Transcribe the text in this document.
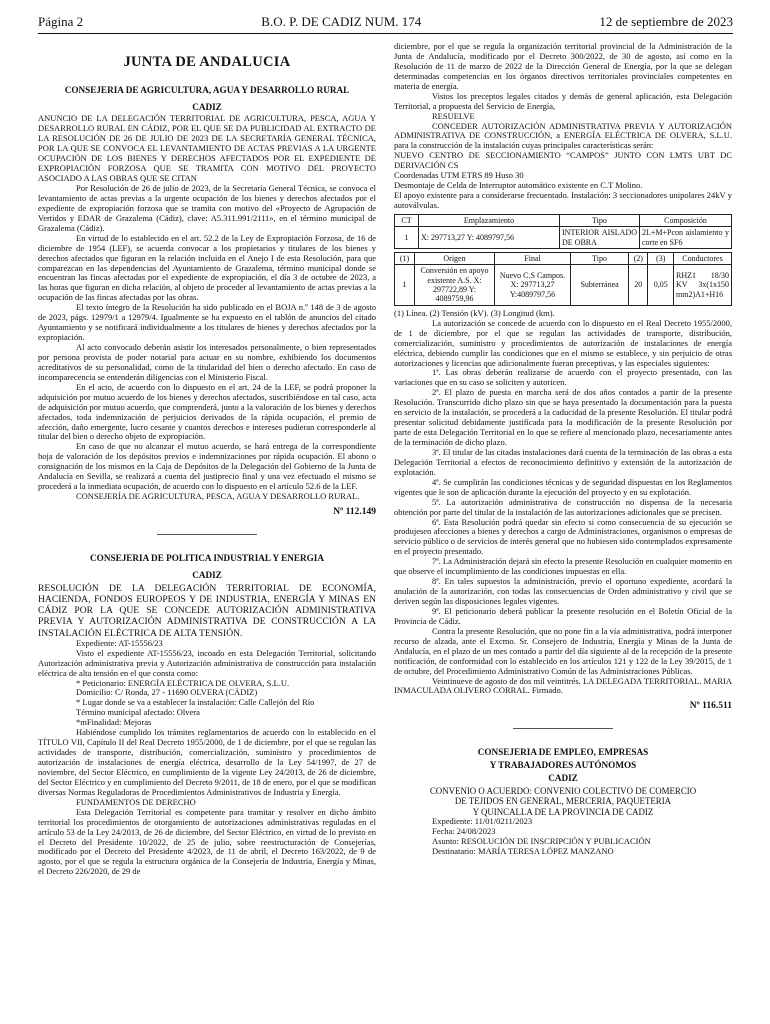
Página 2	B.O. P. DE CADIZ NUM. 174	12 de septiembre de 2023
JUNTA DE ANDALUCIA
CONSEJERIA DE AGRICULTURA, AGUA Y DESARROLLO RURAL
CADIZ

ANUNCIO DE LA DELEGACIÓN TERRITORIAL DE AGRICULTURA, PESCA, AGUA Y DESARROLLO RURAL EN CÁDIZ, POR EL QUE SE DA PUBLICIDAD AL EXTRACTO DE LA RESOLUCIÓN DE 26 DE JULIO DE 2023 DE LA SECRETARÍA GENERAL TÉCNICA, POR LA QUE SE CONVOCA EL LEVANTAMIENTO DE ACTAS PREVIAS A LA URGENTE OCUPACIÓN DE LOS BIENES Y DERECHOS AFECTADOS POR EL EXPEDIENTE DE EXPROPIACIÓN FORZOSA QUE SE TRAMITA CON MOTIVO DEL PROYECTO ASOCIADO A LAS OBRAS QUE SE CITAN

Por Resolución de 26 de julio de 2023, de la Secretaría General Técnica, se convoca el levantamiento de actas previas a la urgente ocupación de los bienes y derechos afectados por el expediente de expropiación forzosa que se tramita con motivo del «Proyecto de Agrupación de Vertidos y EDAR de Grazalema (Cádiz), clave: A5.311.991/2111», en el término municipal de Grazalema (Cádiz).

En virtud de lo establecido en el art. 52.2 de la Ley de Expropiación Forzosa, de 16 de diciembre de 1954 (LEF), se acuerda convocar a los propietarios y titulares de los bienes y derechos afectados que figuran en la relación incluida en el Anejo I de esta Resolución, para que comparezcan en las dependencias del Ayuntamiento de Grazalema, término municipal donde se encuentran las fincas afectadas por el expediente de expropiación, el día 3 de octubre de 2023, a las horas que figuran en dicha relación, al objeto de proceder al levantamiento de actas previas a la ocupación de las fincas afectadas por las obras.

El texto íntegro de la Resolución ha sido publicado en el BOJA n.º 148 de 3 de agosto de 2023, págs. 12979/1 a 12979/4. Igualmente se ha expuesto en el tablón de anuncios del citado Ayuntamiento y se notificará individualmente a los titulares de bienes y derechos afectados por la expropiación.

Al acto convocado deberán asistir los interesados personalmente, o bien representados por persona provista de poder notarial para actuar en su nombre, exhibiendo los documentos acreditativos de su personalidad, como de la titularidad del bien o derecho afectado. En caso de incomparecencia se entenderán diligencias con el Ministerio Fiscal.

En el acto, de acuerdo con lo dispuesto en el art. 24 de la LEF, se podrá proponer la adquisición por mutuo acuerdo de los bienes y derechos afectados, suscribiéndose en tal caso, acta de adquisición por mutuo acuerdo, que comprenderá, junto a la valoración de los bienes y derechos afectados, toda indemnización de perjuicios derivados de la rápida ocupación, el premio de afección, daño emergente, lucro cesante y cuantos derechos e intereses pudieran corresponderle al titular del bien o derecho objeto de expropiación.

En caso de que no alcanzar el mutuo acuerdo, se hará entrega de la correspondiente hoja de valoración de los depósitos previos e indemnizaciones por rápida ocupación. El abono o consignación de los mismos en la Caja de Depósitos de la Delegación del Gobierno de la Junta de Andalucía en Sevilla, se realizará a cuenta del justiprecio final y una vez efectuado el mismo se procederá a la inmediata ocupación, de acuerdo con lo dispuesto en el artículo 52.6 de la LEF.

CONSEJERÍA DE AGRICULTURA, PESCA, AGUA Y DESARROLLO RURAL.

Nº 112.149
CONSEJERIA DE POLITICA INDUSTRIAL Y ENERGIA
CADIZ

RESOLUCIÓN DE LA DELEGACIÓN TERRITORIAL DE ECONOMÍA, HACIENDA, FONDOS EUROPEOS Y DE INDUSTRIA, ENERGÍA Y MINAS EN CÁDIZ POR LA QUE SE CONCEDE AUTORIZACIÓN ADMINISTRATIVA PREVIA Y AUTORIZACIÓN ADMINISTRATIVA DE CONSTRUCCIÓN A LA INSTALACIÓN ELÉCTRICA DE ALTA TENSIÓN.

Expediente: AT-15556/23

Visto el expediente AT-15556/23, incoado en esta Delegación Territorial, solicitando Autorización administrativa previa y Autorización administrativa de construcción para instalación eléctrica de alta tensión en el que consta como:

* Peticionario: ENERGÍA ELÉCTRICA DE OLVERA, S.L.U.

Domicilio: C/ Ronda, 27 - 11690 OLVERA (CÁDIZ)

* Lugar donde se va a establecer la instalación: Calle Callejón del Río

Término municipal afectado: Olvera

*mFinalidad: Mejoras

Habiéndose cumplido los trámites reglamentarios de acuerdo con lo establecido en el TÍTULO VII, Capítulo II del Real Decreto 1955/2000, de 1 de diciembre, por el que se regulan las actividades de transporte, distribución, comercialización, suministro y procedimientos de autorización de instalaciones de energía eléctrica, desarrollo de la Ley 54/1997, de 27 de noviembre, del Sector Eléctrico, en cumplimiento de la vigente Ley 24/2013, de 26 de diciembre, del Sector Eléctrico y en cumplimiento del Decreto 9/2011, de 18 de enero, por el que se modifican diversas Normas Reguladoras de Procedimientos Administrativos de Industria y Energía.

FUNDAMENTOS DE DERECHO

Esta Delegación Territorial es competente para tramitar y resolver en dicho ámbito territorial los procedimientos de otorgamiento de autorizaciones administrativas reguladas en el artículo 53 de la Ley 24/2013, de 26 de diciembre, del Sector Eléctrico, en virtud de lo previsto en el Decreto del Presidente 10/2022, de 25 de julio, sobre reestructuración de Consejerías, modificado por el Decreto del Presidente 4/2023, de 11 de abril, el Decreto 163/2022, de 9 de agosto, por el que se regula la estructura orgánica de la Consejería de Industria, Energía y Minas, el Decreto 226/2020, de 29 de

diciembre, por el que se regula la organización territorial provincial de la Administración de la Junta de Andalucía, modificado por el Decreto 300/2022, de 30 de agosto, así como en la Resolución de 11 de marzo de 2022 de la Dirección General de Energía, por la que se delegan determinadas competencias en los órganos directivos territoriales provinciales competentes en materia de energía.

Vistos los preceptos legales citados y demás de general aplicación, esta Delegación Territorial, a propuesta del Servicio de Energía,

RESUELVE

CONCEDER AUTORIZACIÓN ADMINISTRATIVA PREVIA Y AUTORIZACIÓN ADMINISTRATIVA DE CONSTRUCCIÓN, a ENERGÍA ELÉCTRICA DE OLVERA, S.L.U. para la construcción de la instalación cuyas principales características serán:

NUEVO CENTRO DE SECCIONAMIENTO “CAMPOS” JUNTO CON LMTS UBT DC DERIVACIÓN CS

Coordenadas UTM ETRS 89 Huso 30

Desmontaje de Celda de Interruptor automático existente en C.T Molino.

El apoyo existente para a considerarse frecuentado. Instalación: 3 seccionadores unipolares 24kV y autoválvulas.

CT	Emplazamiento	Tipo	Composición
1	X: 297713,27 Y: 4089797,56	INTERIOR AISLADO DE OBRA	2L+M+Pcon aislamiento y corte en SF6
(1)	Origen	Final	Tipo	(2)	(3)	Conductores
1	Conversión en apoyo existente A.S. X: 297722,89 Y: 4089759,96	Nuevo C.S Campos. X: 297713,27 Y:4089797,56	Subterránea	20	0,05	RHZ1 18/30 KV 3x(1x150 mm2)A1+H16

(1) Línea. (2) Tensión (kV). (3) Longitud (km).

La autorización se concede de acuerdo con lo dispuesto en el Real Decreto 1955/2000, de 1 de diciembre, por el que se regulan las actividades de transporte, distribución, comercialización, suministro y procedimientos de autorización de instalaciones de energía eléctrica, debiendo cumplir las condiciones que en el mismo se establece, y sin perjuicio de otras autorizaciones y licencias que adicionalmente fueran preceptivas, y las especiales siguientes:

1ª. Las obras deberán realizarse de acuerdo con el proyecto presentado, con las variaciones que en su caso se soliciten y autoricen.

2ª. El plazo de puesta en marcha será de dos años contados a partir de la presente Resolución. Transcurrido dicho plazo sin que se haya presentado la documentación para la puesta en servicio de la instalación, se procederá a la caducidad de la presente Resolución. El titular podrá presentar solicitud debidamente justificada para la modificación de la presente Resolución por parte de esta Delegación Territorial en lo que se refiere al mencionado plazo, necesariamente antes de la terminación de dicho plazo.

3ª. El titular de las citadas instalaciones dará cuenta de la terminación de las obras a esta Delegación Territorial a efectos de reconocimiento definitivo y extensión de la autorización de explotación.

4ª. Se cumplirán las condiciones técnicas y de seguridad dispuestas en los Reglamentos vigentes que le son de aplicación durante la ejecución del proyecto y en su explotación.

5ª. La autorización administrativa de construcción no dispensa de la necesaria obtención por parte del titular de la instalación de las autorizaciones adicionales que se precisen.

6ª. Esta Resolución podrá quedar sin efecto si como consecuencia de su ejecución se produjesen afecciones a bienes y derechos a cargo de Administraciones, organismos o empresas de servicio público o de servicios de interés general que no hubiesen sido contemplados expresamente en el proyecto presentado.

7ª. La Administración dejará sin efecto la presente Resolución en cualquier momento en que observe el incumplimiento de las condiciones impuestas en ella.

8ª. En tales supuestos la administración, previo el oportuno expediente, acordará la anulación de la autorización, con todas las consecuencias de Orden administrativo y civil que se deriven según las disposiciones legales vigentes.

9ª. El peticionario deberá publicar la presente resolución en el Boletín Oficial de la Provincia de Cádiz.

Contra la presente Resolución, que no pone fin a la vía administrativa, podrá interponer recurso de alzada, ante el Excmo. Sr. Consejero de Industria, Energía y Minas de la Junta de Andalucía, en el plazo de un mes contado a partir del día siguiente al de la recepción de la presente notificación, de conformidad con lo establecido en los artículos 121 y 122 de la Ley 39/2015, de 1 de octubre, del Procedimiento Administrativo Común de las Administraciones Públicas.

Veintinueve de agosto de dos mil veintitrés. LA DELEGADA TERRITORIAL. MARIA INMACULADA OLIVERO CORRAL. Firmado.

Nº 116.511
CONSEJERIA DE EMPLEO, EMPRESAS
Y TRABAJADORES AUTÓNOMOS
CADIZ

CONVENIO O ACUERDO: CONVENIO COLECTIVO DE COMERCIO

DE TEJIDOS EN GENERAL, MERCERIA, PAQUETERIA

Y QUINCALLA DE LA PROVINCIA DE CADIZ

Expediente: 11/01/0211/2023

Fecha: 24/08/2023

Asunto: RESOLUCIÓN DE INSCRIPCIÓN Y PUBLICACIÓN

Destinatario: MARÍA TERESA LÓPEZ MANZANO
